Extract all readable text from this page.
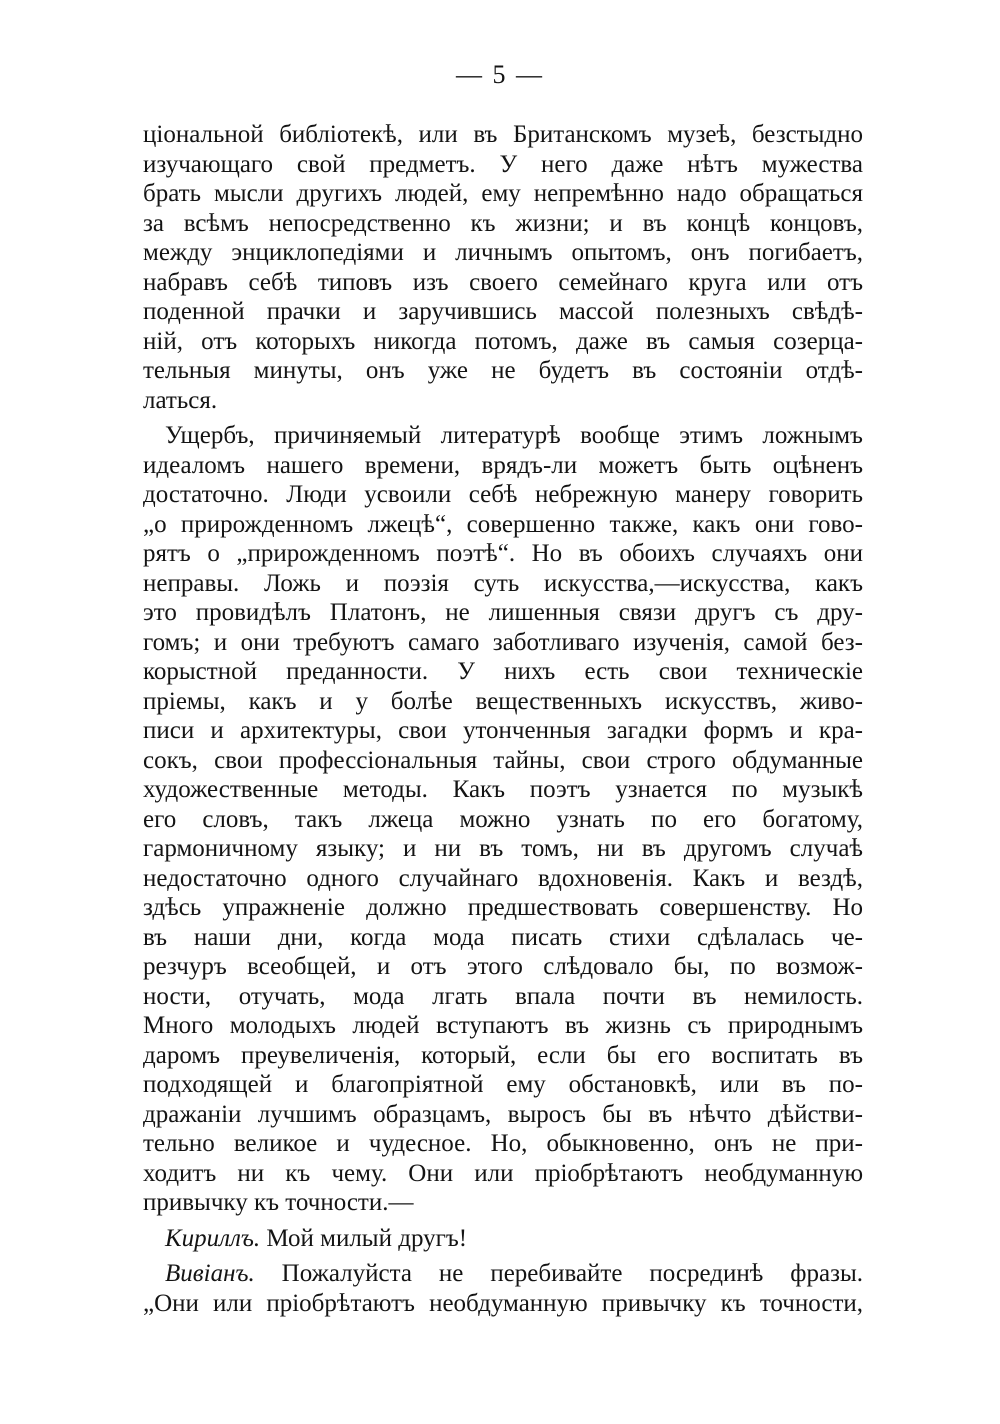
— 5 —
ціональной библіотекѣ, или въ Британскомъ музеѣ, безстыдно
изучающаго свой предметъ. У него даже нѣтъ мужества
брать мысли другихъ людей, ему непремѣнно надо обращаться
за всѣмъ непосредственно къ жизни; и въ концѣ концовъ,
между энциклопедіями и личнымъ опытомъ, онъ погибаетъ,
набравъ себѣ типовъ изъ своего семейнаго круга или отъ
поденной прачки и заручившись массой полезныхъ свѣдѣ-
ній, отъ которыхъ никогда потомъ, даже въ самыя созерца-
тельныя минуты, онъ уже не будетъ въ состояніи отдѣ-
латься.
Ущербъ, причиняемый литературѣ вообще этимъ ложнымъ
идеаломъ нашего времени, врядъ-ли можетъ быть оцѣненъ
достаточно. Люди усвоили себѣ небрежную манеру говорить
„о прирожденномъ лжецѣ“, совершенно также, какъ они гово-
рятъ о „прирожденномъ поэтѣ“. Но въ обоихъ случаяхъ они
неправы. Ложь и поэзія суть искусства,—искусства, какъ
это провидѣлъ Платонъ, не лишенныя связи другъ съ дру-
гомъ; и они требуютъ самаго заботливаго изученія, самой без-
корыстной преданности. У нихъ есть свои техническіе
пріемы, какъ и у болѣе вещественныхъ искусствъ, живо-
писи и архитектуры, свои утонченныя загадки формъ и кра-
сокъ, свои профессіональныя тайны, свои строго обдуманные
художественные методы. Какъ поэтъ узнается по музыкѣ
его словъ, такъ лжеца можно узнать по его богатому,
гармоничному языку; и ни въ томъ, ни въ другомъ случаѣ
недостаточно одного случайнаго вдохновенія. Какъ и вездѣ,
здѣсь упражненіе должно предшествовать совершенству. Но
въ наши дни, когда мода писать стихи сдѣлалась че-
резчуръ всеобщей, и отъ этого слѣдовало бы, по возмож-
ности, отучать, мода лгать впала почти въ немилость.
Много молодыхъ людей вступаютъ въ жизнь съ природнымъ
даромъ преувеличенія, который, если бы его воспитать въ
подходящей и благопріятной ему обстановкѣ, или въ по-
дражаніи лучшимъ образцамъ, выросъ бы въ нѣчто дѣйстви-
тельно великое и чудесное. Но, обыкновенно, онъ не при-
ходитъ ни къ чему. Они или пріобрѣтаютъ необдуманную
привычку къ точности.—
Кириллъ. Мой милый другъ!
Вивіанъ. Пожалуйста не перебивайте посрединѣ фразы.
„Они или пріобрѣтаютъ необдуманную привычку къ точности,
